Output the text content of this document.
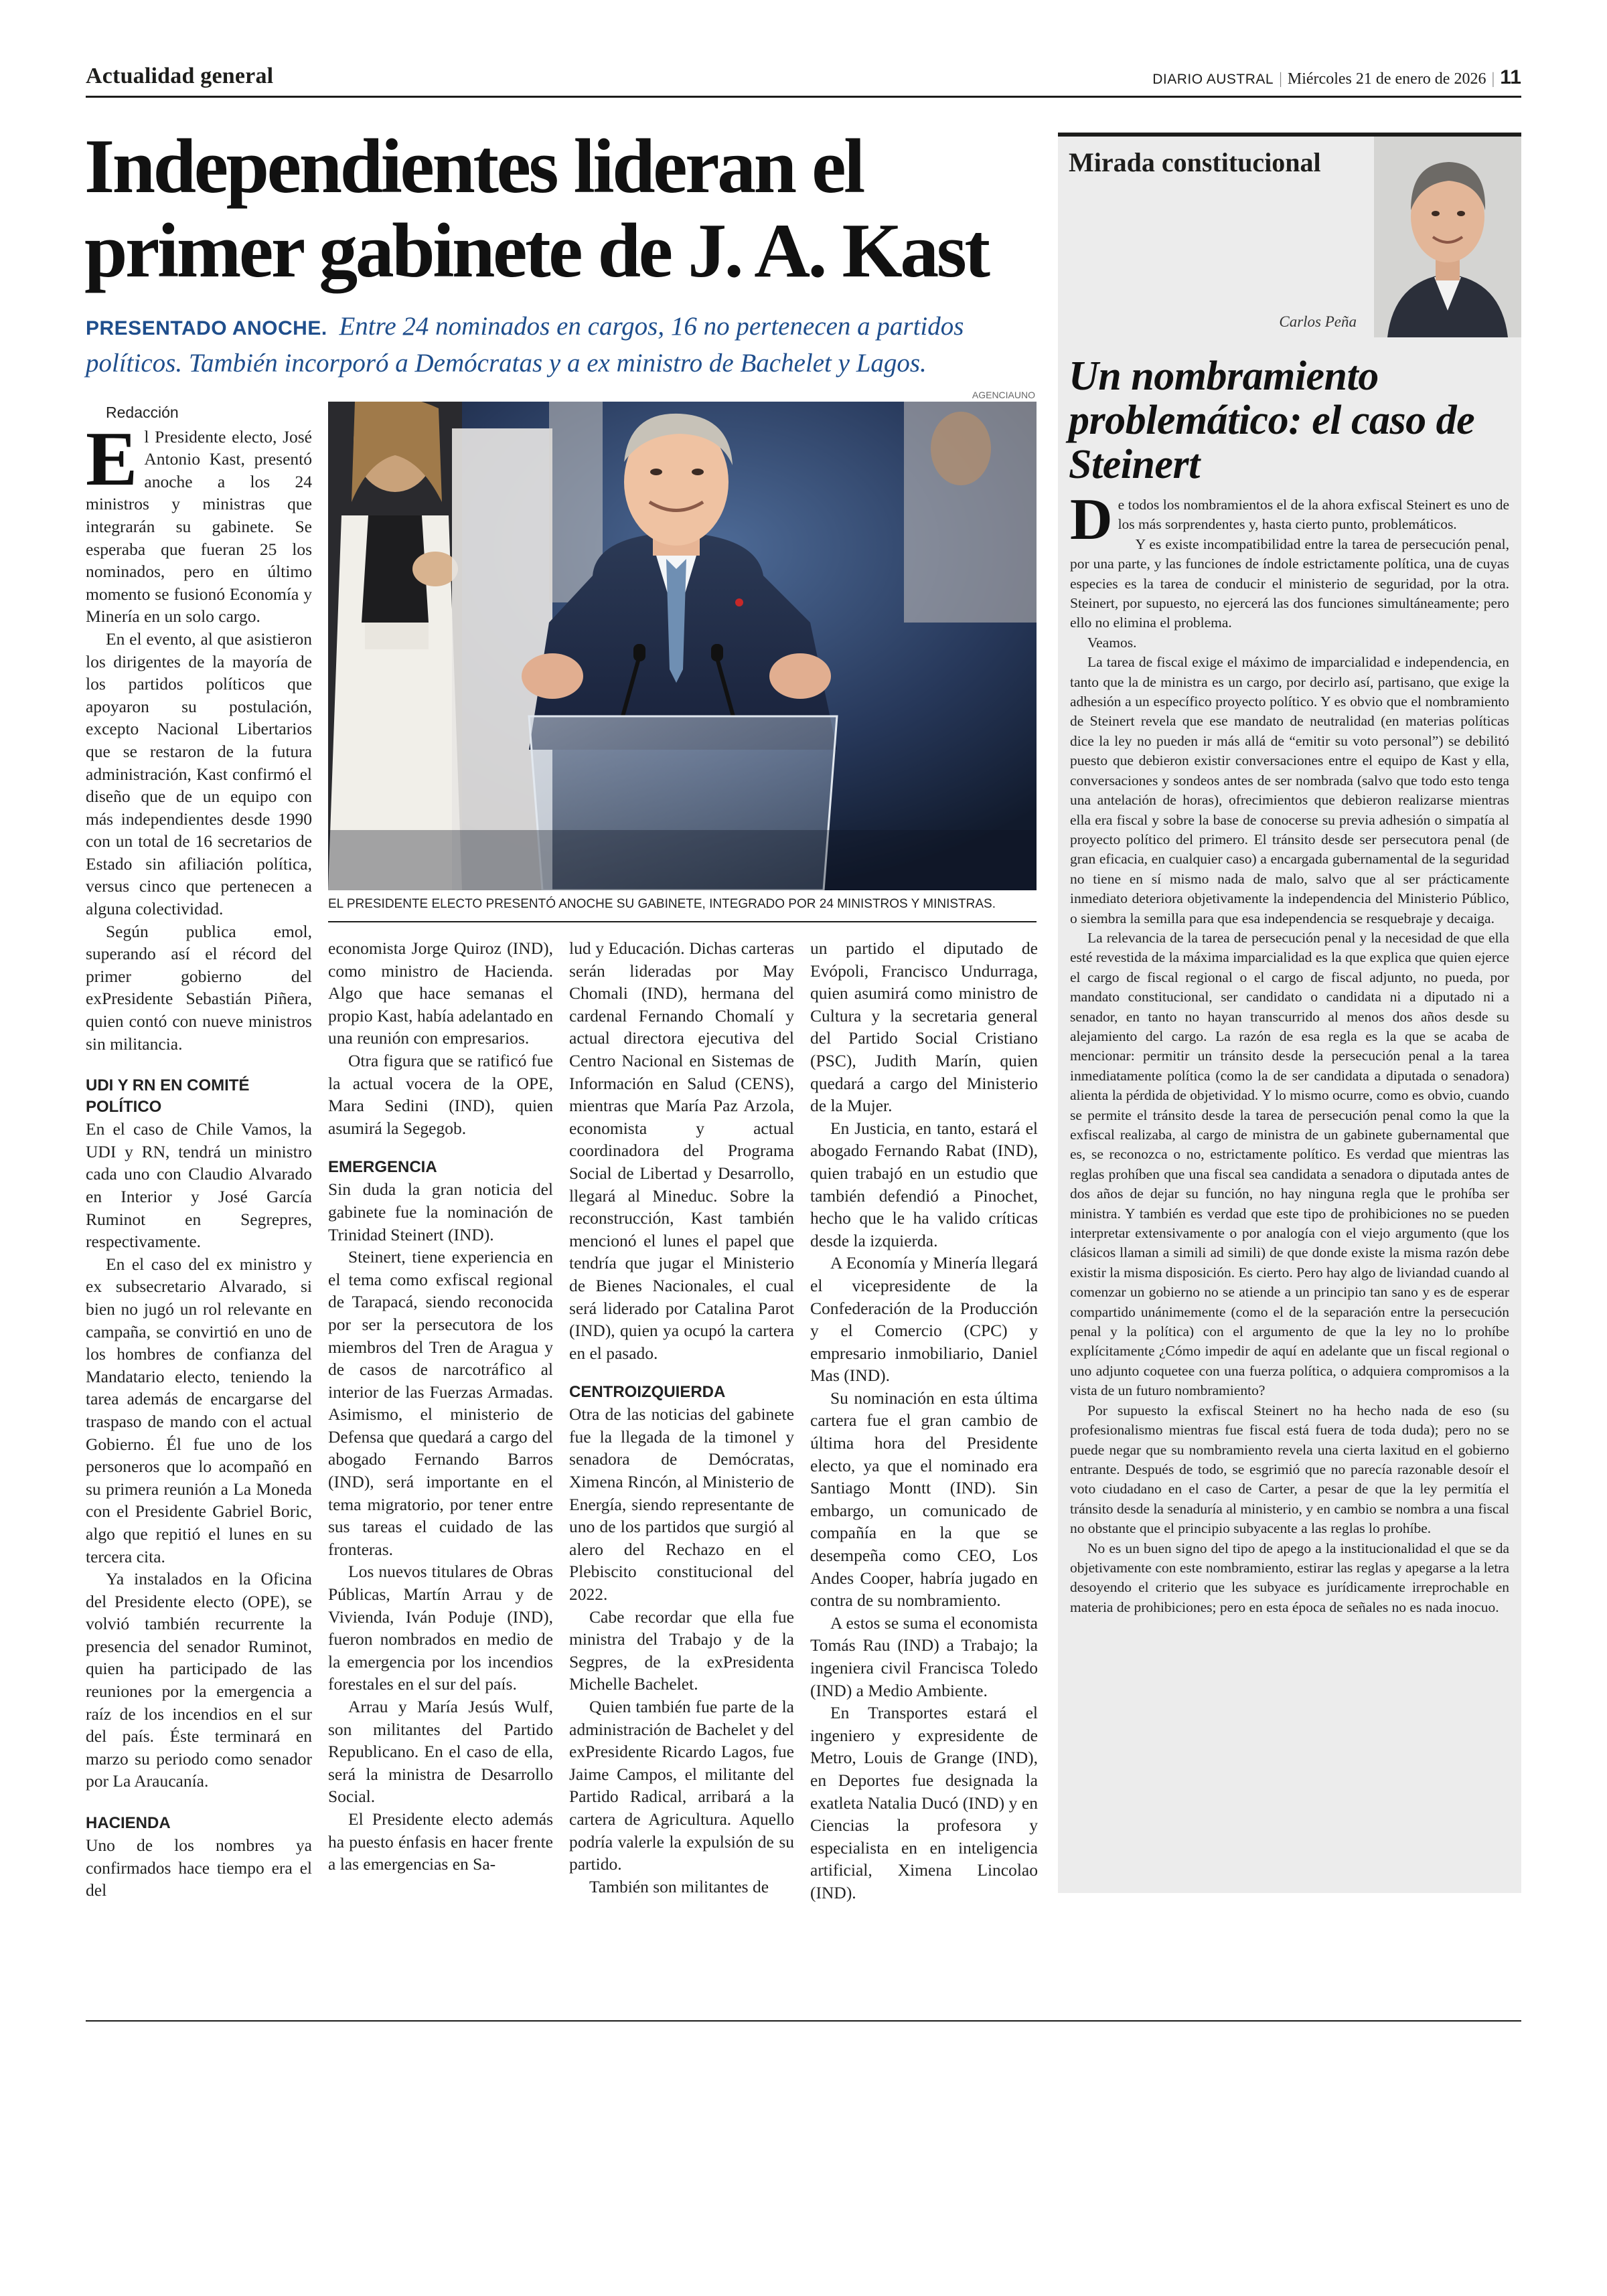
Actualidad general	DIARIO AUSTRAL | Miércoles 21 de enero de 2026 | 11
Independientes lideran el primer gabinete de J. A. Kast
PRESENTADO ANOCHE. Entre 24 nominados en cargos, 16 no pertenecen a partidos políticos. También incorporó a Demócratas y a ex ministro de Bachelet y Lagos.
AGENCIAUNO
EL PRESIDENTE ELECTO PRESENTÓ ANOCHE SU GABINETE, INTEGRADO POR 24 MINISTROS Y MINISTRAS.
Redacción

El Presidente electo, José Antonio Kast, presentó anoche a los 24 ministros y ministras que integrarán su gabinete. Se esperaba que fueran 25 los nominados, pero en último momento se fusionó Economía y Minería en un solo cargo.

En el evento, al que asistieron los dirigentes de la mayoría de los partidos políticos que apoyaron su postulación, excepto Nacional Libertarios que se restaron de la futura administración, Kast confirmó el diseño que de un equipo con más independientes desde 1990 con un total de 16 secretarios de Estado sin afiliación política, versus cinco que pertenecen a alguna colectividad.

Según publica emol, superando así el récord del primer gobierno del exPresidente Sebastián Piñera, quien contó con nueve ministros sin militancia.

UDI Y RN EN COMITÉ POLÍTICO

En el caso de Chile Vamos, la UDI y RN, tendrá un ministro cada uno con Claudio Alvarado en Interior y José García Ruminot en Segrepres, respectivamente.

En el caso del ex ministro y ex subsecretario Alvarado, si bien no jugó un rol relevante en campaña, se convirtió en uno de los hombres de confianza del Mandatario electo, teniendo la tarea además de encargarse del traspaso de mando con el actual Gobierno. Él fue uno de los personeros que lo acompañó en su primera reunión a La Moneda con el Presidente Gabriel Boric, algo que repitió el lunes en su tercera cita.

Ya instalados en la Oficina del Presidente electo (OPE), se volvió también recurrente la presencia del senador Ruminot, quien ha participado de las reuniones por la emergencia a raíz de los incendios en el sur del país. Éste terminará en marzo su periodo como senador por La Araucanía.

HACIENDA

Uno de los nombres ya confirmados hace tiempo era el del

economista Jorge Quiroz (IND), como ministro de Hacienda. Algo que hace semanas el propio Kast, había adelantado en una reunión con empresarios.

Otra figura que se ratificó fue la actual vocera de la OPE, Mara Sedini (IND), quien asumirá la Segegob.

EMERGENCIA

Sin duda la gran noticia del gabinete fue la nominación de Trinidad Steinert (IND).

Steinert, tiene experiencia en el tema como exfiscal regional de Tarapacá, siendo reconocida por ser la persecutora de los miembros del Tren de Aragua y de casos de narcotráfico al interior de las Fuerzas Armadas. Asimismo, el ministerio de Defensa que quedará a cargo del abogado Fernando Barros (IND), será importante en el tema migratorio, por tener entre sus tareas el cuidado de las fronteras.

Los nuevos titulares de Obras Públicas, Martín Arrau y de Vivienda, Iván Poduje (IND), fueron nombrados en medio de la emergencia por los incendios forestales en el sur del país.

Arrau y María Jesús Wulf, son militantes del Partido Republicano. En el caso de ella, será la ministra de Desarrollo Social.

El Presidente electo además ha puesto énfasis en hacer frente a las emergencias en Sa-

lud y Educación. Dichas carteras serán lideradas por May Chomali (IND), hermana del cardenal Fernando Chomalí y actual directora ejecutiva del Centro Nacional en Sistemas de Información en Salud (CENS), mientras que María Paz Arzola, economista y actual coordinadora del Programa Social de Libertad y Desarrollo, llegará al Mineduc. Sobre la reconstrucción, Kast también mencionó el lunes el papel que tendría que jugar el Ministerio de Bienes Nacionales, el cual será liderado por Catalina Parot (IND), quien ya ocupó la cartera en el pasado.

CENTROIZQUIERDA

Otra de las noticias del gabinete fue la llegada de la timonel y senadora de Demócratas, Ximena Rincón, al Ministerio de Energía, siendo representante de uno de los partidos que surgió al alero del Rechazo en el Plebiscito constitucional del 2022.

Cabe recordar que ella fue ministra del Trabajo y de la Segpres, de la exPresidenta Michelle Bachelet.

Quien también fue parte de la administración de Bachelet y del exPresidente Ricardo Lagos, fue Jaime Campos, el militante del Partido Radical, arribará a la cartera de Agricultura. Aquello podría valerle la expulsión de su partido.

También son militantes de

un partido el diputado de Evópoli, Francisco Undurraga, quien asumirá como ministro de Cultura y la secretaria general del Partido Social Cristiano (PSC), Judith Marín, quien quedará a cargo del Ministerio de la Mujer.

En Justicia, en tanto, estará el abogado Fernando Rabat (IND), quien trabajó en un estudio que también defendió a Pinochet, hecho que le ha valido críticas desde la izquierda.

A Economía y Minería llegará el vicepresidente de la Confederación de la Producción y el Comercio (CPC) y empresario inmobiliario, Daniel Mas (IND).

Su nominación en esta última cartera fue el gran cambio de última hora del Presidente electo, ya que el nominado era Santiago Montt (IND). Sin embargo, un comunicado de compañía en la que se desempeña como CEO, Los Andes Cooper, habría jugado en contra de su nombramiento.

A estos se suma el economista Tomás Rau (IND) a Trabajo; la ingeniera civil Francisca Toledo (IND) a Medio Ambiente.

En Transportes estará el ingeniero y expresidente de Metro, Louis de Grange (IND), en Deportes fue designada la exatleta Natalia Ducó (IND) y en Ciencias la profesora y especialista en en inteligencia artificial, Ximena Lincolao (IND).

Mirada constitucional
Carlos Peña
Un nombramiento problemático: el caso de Steinert

De todos los nombramientos el de la ahora exfiscal Steinert es uno de los más sorprendentes y, hasta cierto punto, problemáticos.

Y es existe incompatibilidad entre la tarea de persecución penal, por una parte, y las funciones de índole estrictamente política, una de cuyas especies es la tarea de conducir el ministerio de seguridad, por la otra. Steinert, por supuesto, no ejercerá las dos funciones simultáneamente; pero ello no elimina el problema.

Veamos.

La tarea de fiscal exige el máximo de imparcialidad e independencia, en tanto que la de ministra es un cargo, por decirlo así, partisano, que exige la adhesión a un específico proyecto político. Y es obvio que el nombramiento de Steinert revela que ese mandato de neutralidad (en materias políticas dice la ley no pueden ir más allá de “emitir su voto personal”) se debilitó puesto que debieron existir conversaciones entre el equipo de Kast y ella, conversaciones y sondeos antes de ser nombrada (salvo que todo esto tenga una antelación de horas), ofrecimientos que debieron realizarse mientras ella era fiscal y sobre la base de conocerse su previa adhesión o simpatía al proyecto político del primero. El tránsito desde ser persecutora penal (de gran eficacia, en cualquier caso) a encargada gubernamental de la seguridad no tiene en sí mismo nada de malo, salvo que al ser prácticamente inmediato deteriora objetivamente la independencia del Ministerio Público, o siembra la semilla para que esa independencia se resquebraje y decaiga.

La relevancia de la tarea de persecución penal y la necesidad de que ella esté revestida de la máxima imparcialidad es la que explica que quien ejerce el cargo de fiscal regional o el cargo de fiscal adjunto, no pueda, por mandato constitucional, ser candidato o candidata ni a diputado ni a senador, en tanto no hayan transcurrido al menos dos años desde su alejamiento del cargo. La razón de esa regla es la que se acaba de mencionar: permitir un tránsito desde la persecución penal a la tarea inmediatamente política (como la de ser candidata a diputada o senadora) alienta la pérdida de objetividad. Y lo mismo ocurre, como es obvio, cuando se permite el tránsito desde la tarea de persecución penal como la que la exfiscal realizaba, al cargo de ministra de un gabinete gubernamental que es, se reconozca o no, estrictamente político. Es verdad que mientras las reglas prohíben que una fiscal sea candidata a senadora o diputada antes de dos años de dejar su función, no hay ninguna regla que le prohíba ser ministra. Y también es verdad que este tipo de prohibiciones no se pueden interpretar extensivamente o por analogía con el viejo argumento (que los clásicos llaman a simili ad simili) de que donde existe la misma razón debe existir la misma disposición. Es cierto. Pero hay algo de liviandad cuando al comenzar un gobierno no se atiende a un principio tan sano y es de esperar compartido unánimemente (como el de la separación entre la persecución penal y la política) con el argumento de que la ley no lo prohíbe explícitamente ¿Cómo impedir de aquí en adelante que un fiscal regional o uno adjunto coquetee con una fuerza política, o adquiera compromisos a la vista de un futuro nombramiento?

Por supuesto la exfiscal Steinert no ha hecho nada de eso (su profesionalismo mientras fue fiscal está fuera de toda duda); pero no se puede negar que su nombramiento revela una cierta laxitud en el gobierno entrante. Después de todo, se esgrimió que no parecía razonable desoír el voto ciudadano en el caso de Carter, a pesar de que la ley permitía el tránsito desde la senaduría al ministerio, y en cambio se nombra a una fiscal no obstante que el principio subyacente a las reglas lo prohíbe.

No es un buen signo del tipo de apego a la institucionalidad el que se da objetivamente con este nombramiento, estirar las reglas y apegarse a la letra desoyendo el criterio que les subyace es jurídicamente irreprochable en materia de prohibiciones; pero en esta época de señales no es nada inocuo.
